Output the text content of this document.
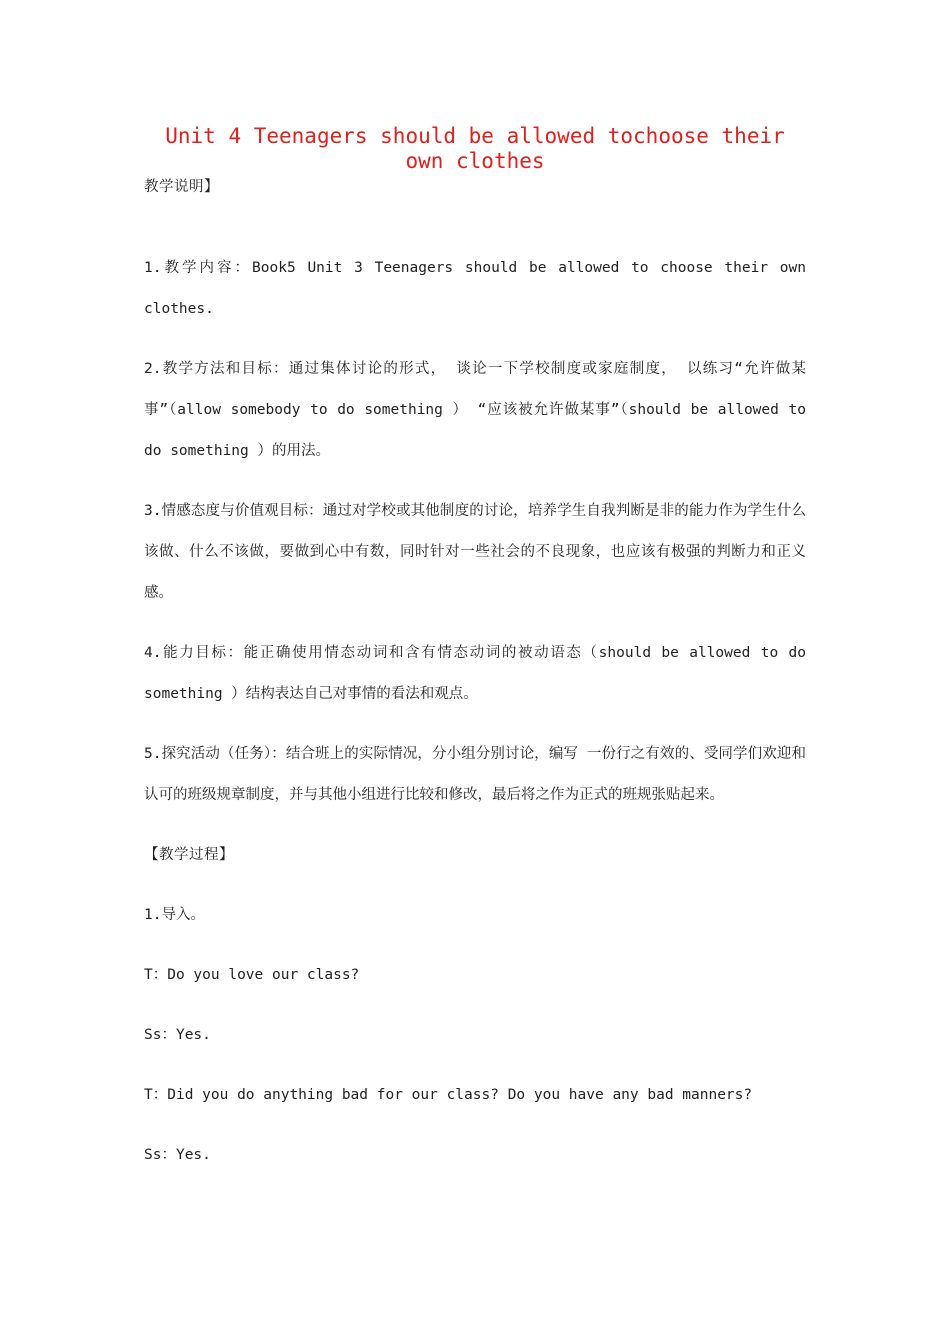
Unit 4 Teenagers should be allowed tochoose their own clothes

教学说明】

1.教学内容：Book5 Unit 3 Teenagers should be allowed to choose their own clothes.

2.教学方法和目标：通过集体讨论的形式， 谈论一下学校制度或家庭制度， 以练习“允许做某事”（allow somebody to do something ） “应该被允许做某事”（should be allowed to do something ）的用法。

3.情感态度与价值观目标：通过对学校或其他制度的讨论，培养学生自我判断是非的能力作为学生什么该做、什么不该做，要做到心中有数，同时针对一些社会的不良现象，也应该有极强的判断力和正义感。

4.能力目标：能正确使用情态动词和含有情态动词的被动语态（should be allowed to do something ）结构表达自己对事情的看法和观点。

5.探究活动（任务）：结合班上的实际情况，分小组分别讨论，编写 一份行之有效的、受同学们欢迎和认可的班级规章制度，并与其他小组进行比较和修改，最后将之作为正式的班规张贴起来。

【教学过程】

1.导入。

T：Do you love our class?

Ss：Yes.

T：Did you do anything bad for our class? Do you have any bad manners?

Ss：Yes.
